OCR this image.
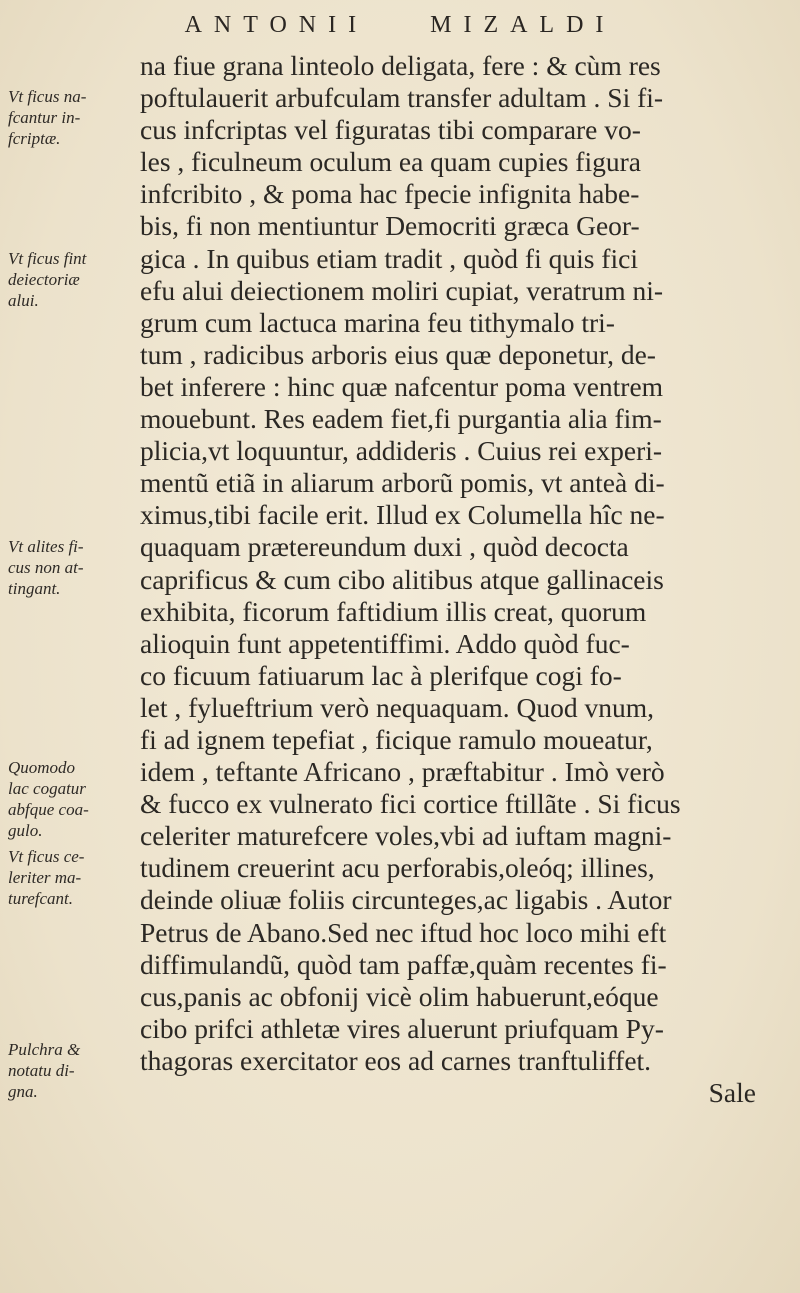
ANTONII	MIZALDI
Vt ficus na-
fcantur in-
fcriptæ.
Vt ficus fint
deiectoriæ
alui.
Vt alites fi-
cus non at-
tingant.
Quomodo
lac cogatur
abfque coa-
gulo.
Vt ficus ce-
leriter ma-
turefcant.
Pulchra &
notatu di-
gna.
na fiue grana linteolo deligata, fere : & cùm res
poftulauerit arbufculam transfer adultam . Si fi-
cus infcriptas vel figuratas tibi comparare vo-
les , ficulneum oculum ea quam cupies figura
infcribito , & poma hac fpecie infignita habe-
bis, fi non mentiuntur Democriti græca Geor-
gica . In quibus etiam tradit , quòd fi quis fici
efu alui deiectionem moliri cupiat, veratrum ni-
grum cum lactuca marina feu tithymalo tri-
tum , radicibus arboris eius quæ deponetur, de-
bet inferere : hinc quæ nafcentur poma ventrem
mouebunt. Res eadem fiet,fi purgantia alia fim-
plicia,vt loquuntur, addideris . Cuius rei experi-
mentũ etiã in aliarum arborũ pomis, vt anteà di-
ximus,tibi facile erit. Illud ex Columella hîc ne-
quaquam prætereundum duxi , quòd decocta
caprificus & cum cibo alitibus atque gallinaceis
exhibita, ficorum faftidium illis creat, quorum
alioquin funt appetentiffimi. Addo quòd fuc-
co ficuum fatiuarum lac à plerifque cogi fo-
let , fylueftrium verò nequaquam. Quod vnum,
fi ad ignem tepefiat , ficique ramulo moueatur,
idem , teftante Africano , præftabitur . Imò verò
& fucco ex vulnerato fici cortice ftillãte . Si ficus
celeriter maturefcere voles,vbi ad iuftam magni-
tudinem creuerint acu perforabis,oleóq; illines,
deinde oliuæ foliis circunteges,ac ligabis . Autor
Petrus de Abano.Sed nec iftud hoc loco mihi eft
diffimulandũ, quòd tam paffæ,quàm recentes fi-
cus,panis ac obfonij vicè olim habuerunt,eóque
cibo prifci athletæ vires aluerunt priufquam Py-
thagoras exercitator eos ad carnes tranftuliffet.
Sale
